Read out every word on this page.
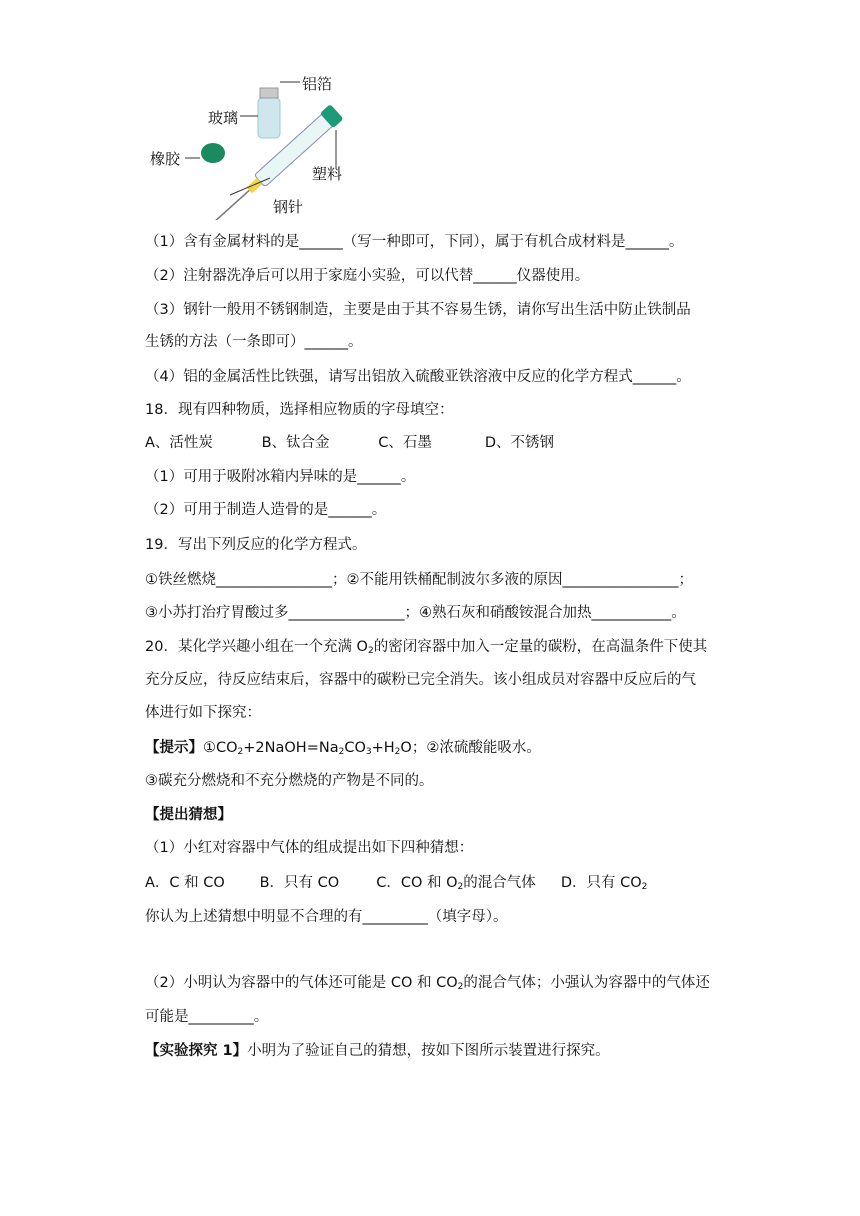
铝箔
玻璃
橡胶
塑料
钢针
（1）含有金属材料的是______（写一种即可，下同），属于有机合成材料是______。
（2）注射器洗净后可以用于家庭小实验，可以代替______仪器使用。
（3）钢针一般用不锈钢制造，主要是由于其不容易生锈，请你写出生活中防止铁制品
生锈的方法（一条即可）______。
（4）铝的金属活性比铁强，请写出铝放入硫酸亚铁溶液中反应的化学方程式______。
18．现有四种物质，选择相应物质的字母填空：
A、活性炭	B、钛合金	C、石墨	D、不锈钢
（1）可用于吸附冰箱内异味的是______。
（2）可用于制造人造骨的是______。
19．写出下列反应的化学方程式。
①铁丝燃烧________________；②不能用铁桶配制波尔多液的原因________________；
③小苏打治疗胃酸过多________________；④熟石灰和硝酸铵混合加热___________。
20．某化学兴趣小组在一个充满 $O_2$的密闭容器中加入一定量的碳粉，在高温条件下使其
充分反应，待反应结束后，容器中的碳粉已完全消失。该小组成员对容器中反应后的气
体进行如下探究：
【提示】$①CO_2+2NaOH=Na_2CO_3+H_2O$；②浓硫酸能吸水。
③碳充分燃烧和不充分燃烧的产物是不同的。
【提出猜想】
（1）小红对容器中气体的组成提出如下四种猜想：
A．C 和 CO B．只有 CO	C．CO 和 $O_2$的混合气体 D．只有 $CO_2$
你认为上述猜想中明显不合理的有_________（填字母）。
（2）小明认为容器中的气体还可能是 CO 和 $CO_2$的混合气体；小强认为容器中的气体还
可能是_________。
【实验探究 1】小明为了验证自己的猜想，按如下图所示装置进行探究。
